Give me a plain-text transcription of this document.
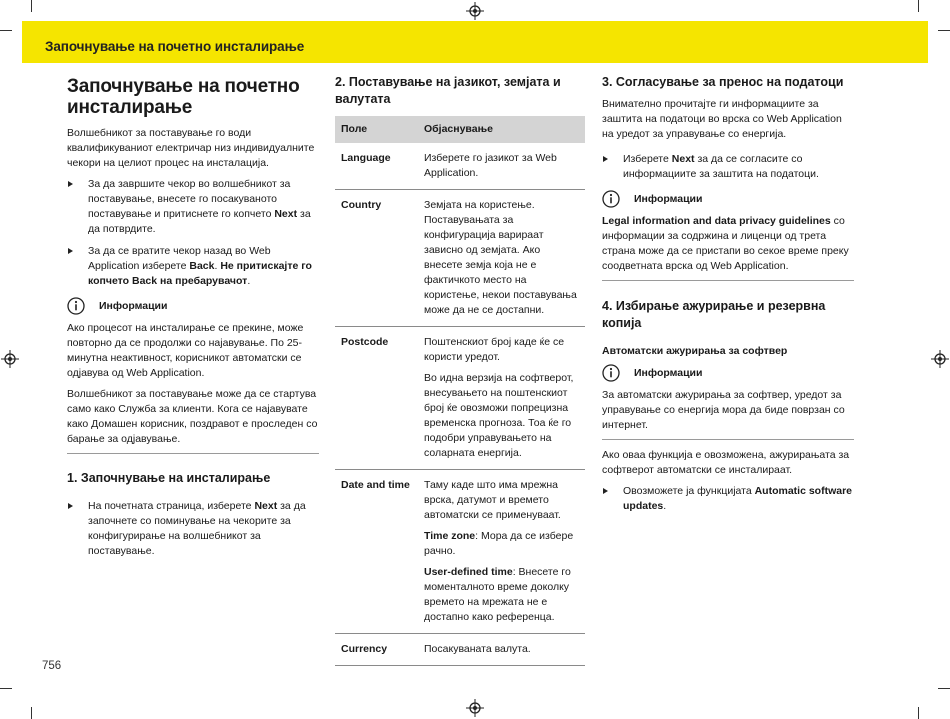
Започнување на почетно инсталирање
Започнување на почетно инсталирање

Волшебникот за поставување го води квалификуваниот електричар низ индивидуалните чекори на целиот процес на инсталација.

За да завршите чекор во волшебникот за поставување, внесете го посакуваното поставување и притиснете го копчето Next за да потврдите.
За да се вратите чекор назад во Web Application изберете Back. Не притискајте го копчето Back на пребарувачот.
Информации

Ако процесот на инсталирање се прекине, може повторно да се продолжи со најавување. По 25-минутна неактивност, корисникот автоматски се одјавува од Web Application.

Волшебникот за поставување може да се стартува само како Служба за клиенти. Кога се најавувате како Домашен корисник, поздравот е проследен со барање за одјавување.

1. Започнување на инсталирање
На почетната страница, изберете Next за да започнете со поминување на чекорите за конфигурирање на волшебникот за поставување.
2. Поставување на јазикот, земјата и валутата
Поле	Објаснување
Language	Изберете го јазикот за Web Application.

Country	Земјата на користење. Поставувањата за конфигурација варираат зависно од земјата. Ако внесете земја која не е фактичкото место на користење, некои поставувања може да не се достапни.

Postcode	Поштенскиот број каде ќе се користи уредот.

Во идна верзија на софтверот, внесувањето на поштенскиот број ќе овозможи попрецизна временска прогноза. Тоа ќе го подобри управувањето на соларната енергија.

Date and time	Таму каде што има мрежна врска, датумот и времето автоматски се применуваат.

Time zone: Мора да се избере рачно.

User-defined time: Внесете го моменталното време доколку времето на мрежата не е достапно како референца.

Currency	Посакуваната валута.

3. Согласување за пренос на податоци

Внимателно прочитајте ги информациите за заштита на податоци во врска со Web Application на уредот за управување со енергија.

Изберете Next за да се согласите со информациите за заштита на податоци.
Информации

Legal information and data privacy guidelines со информации за содржина и лиценци од трета страна може да се пристапи во секое време преку соодветната врска од Web Application.

4. Избирање ажурирање и резервна копија
Автоматски ажурирања за софтвер
Информации

За автоматски ажурирања за софтвер, уредот за управување со енергија мора да биде поврзан со интернет.

Ако оваа функција е овозможена, ажурирањата за софтверот автоматски се инсталираат.

Овозможете ја функцијата Automatic software updates.
756
